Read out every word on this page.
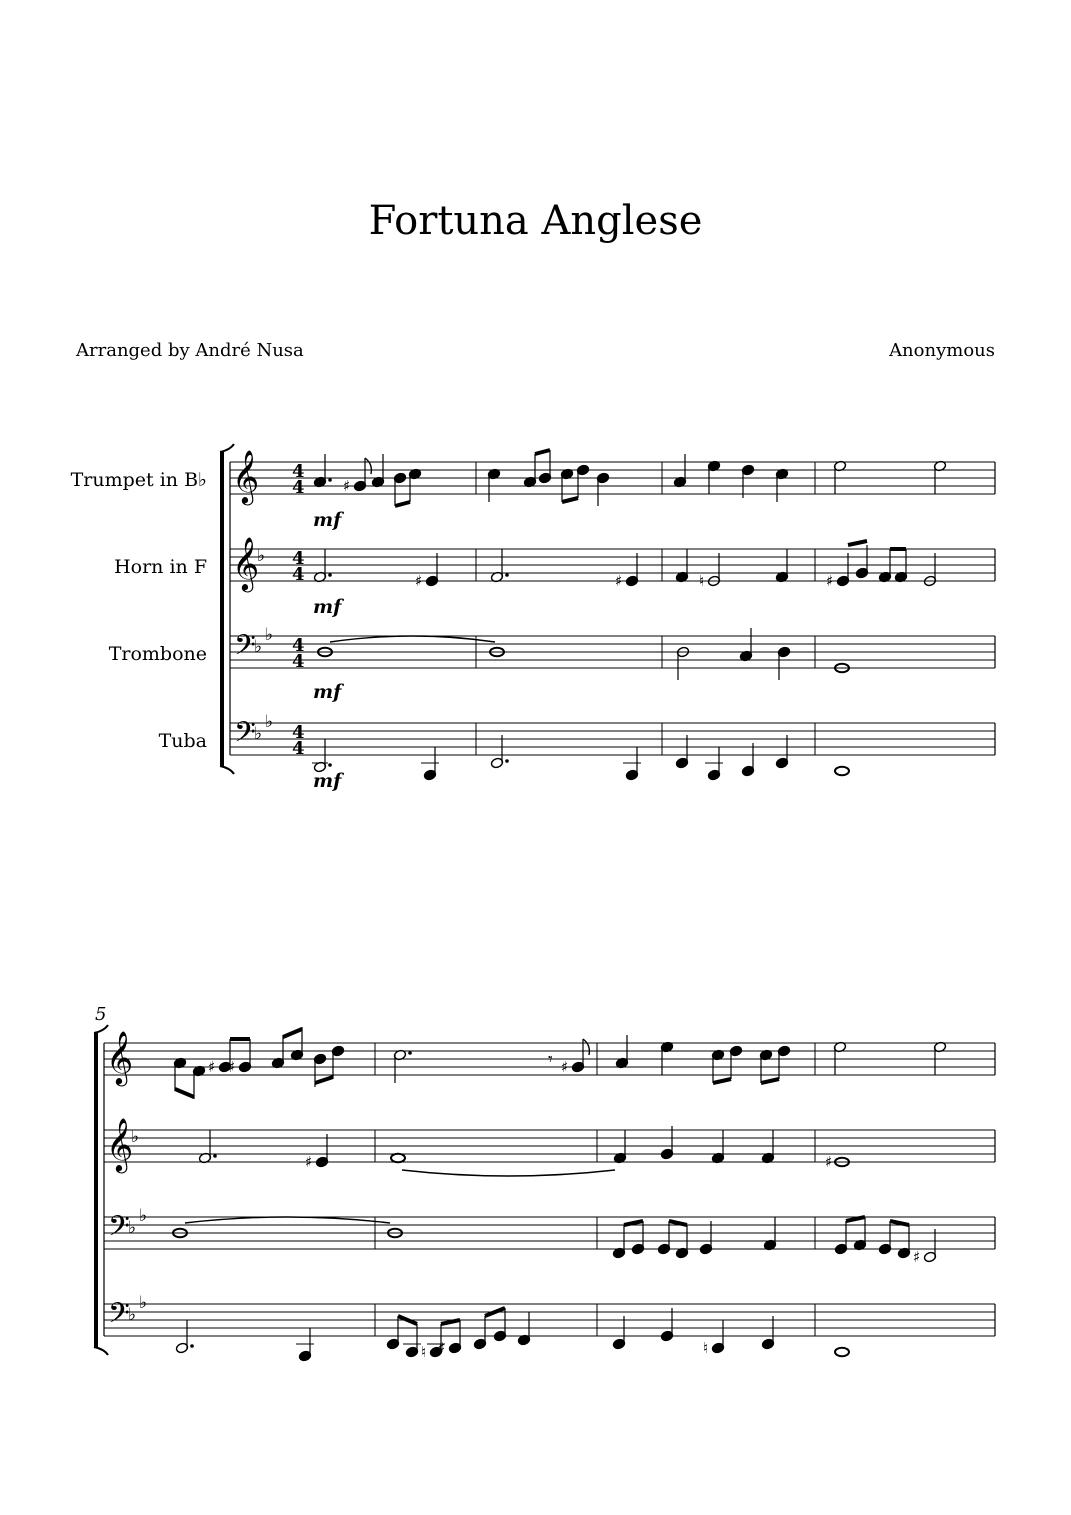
Fortuna Anglese
Arranged by André Nusa	Anonymous
Trumpet in B♭
Horn in F
Trombone
Tuba
5
𝄞
𝄞
𝄢
𝄢
♭
♭
♭
♭
♭
4
4
4
4
4
4
4
4
mf
mf
mf
mf
♯
♯	♯	♮	♯
𝄞
𝄞
𝄢
𝄢
♭
♭
♭
♭
♭
♯ ♯	𝄾 ♯
♯	♯
♯
♮ ♯	♮
